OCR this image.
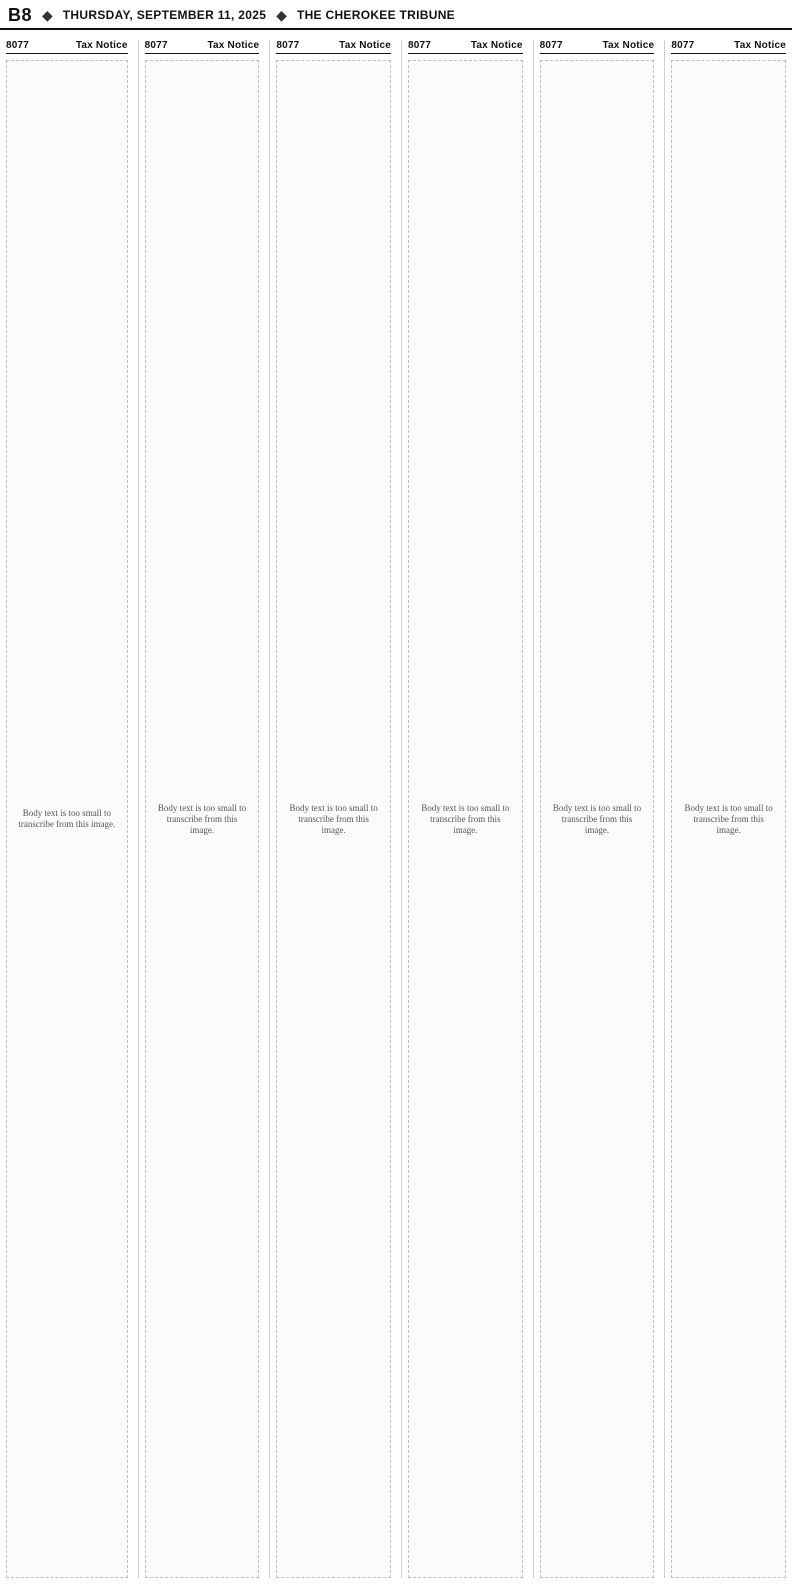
B8 ◆ THURSDAY, SEPTEMBER 11, 2025 ◆ THE CHEROKEE TRIBUNE
8077	Tax Notice
Body text is too small to transcribe from this image.
8077	Tax Notice
Body text is too small to transcribe from this image.
8077	Tax Notice
Body text is too small to transcribe from this image.
8077	Tax Notice
Body text is too small to transcribe from this image.
8077	Tax Notice
Body text is too small to transcribe from this image.
8077	Tax Notice
Body text is too small to transcribe from this image.
